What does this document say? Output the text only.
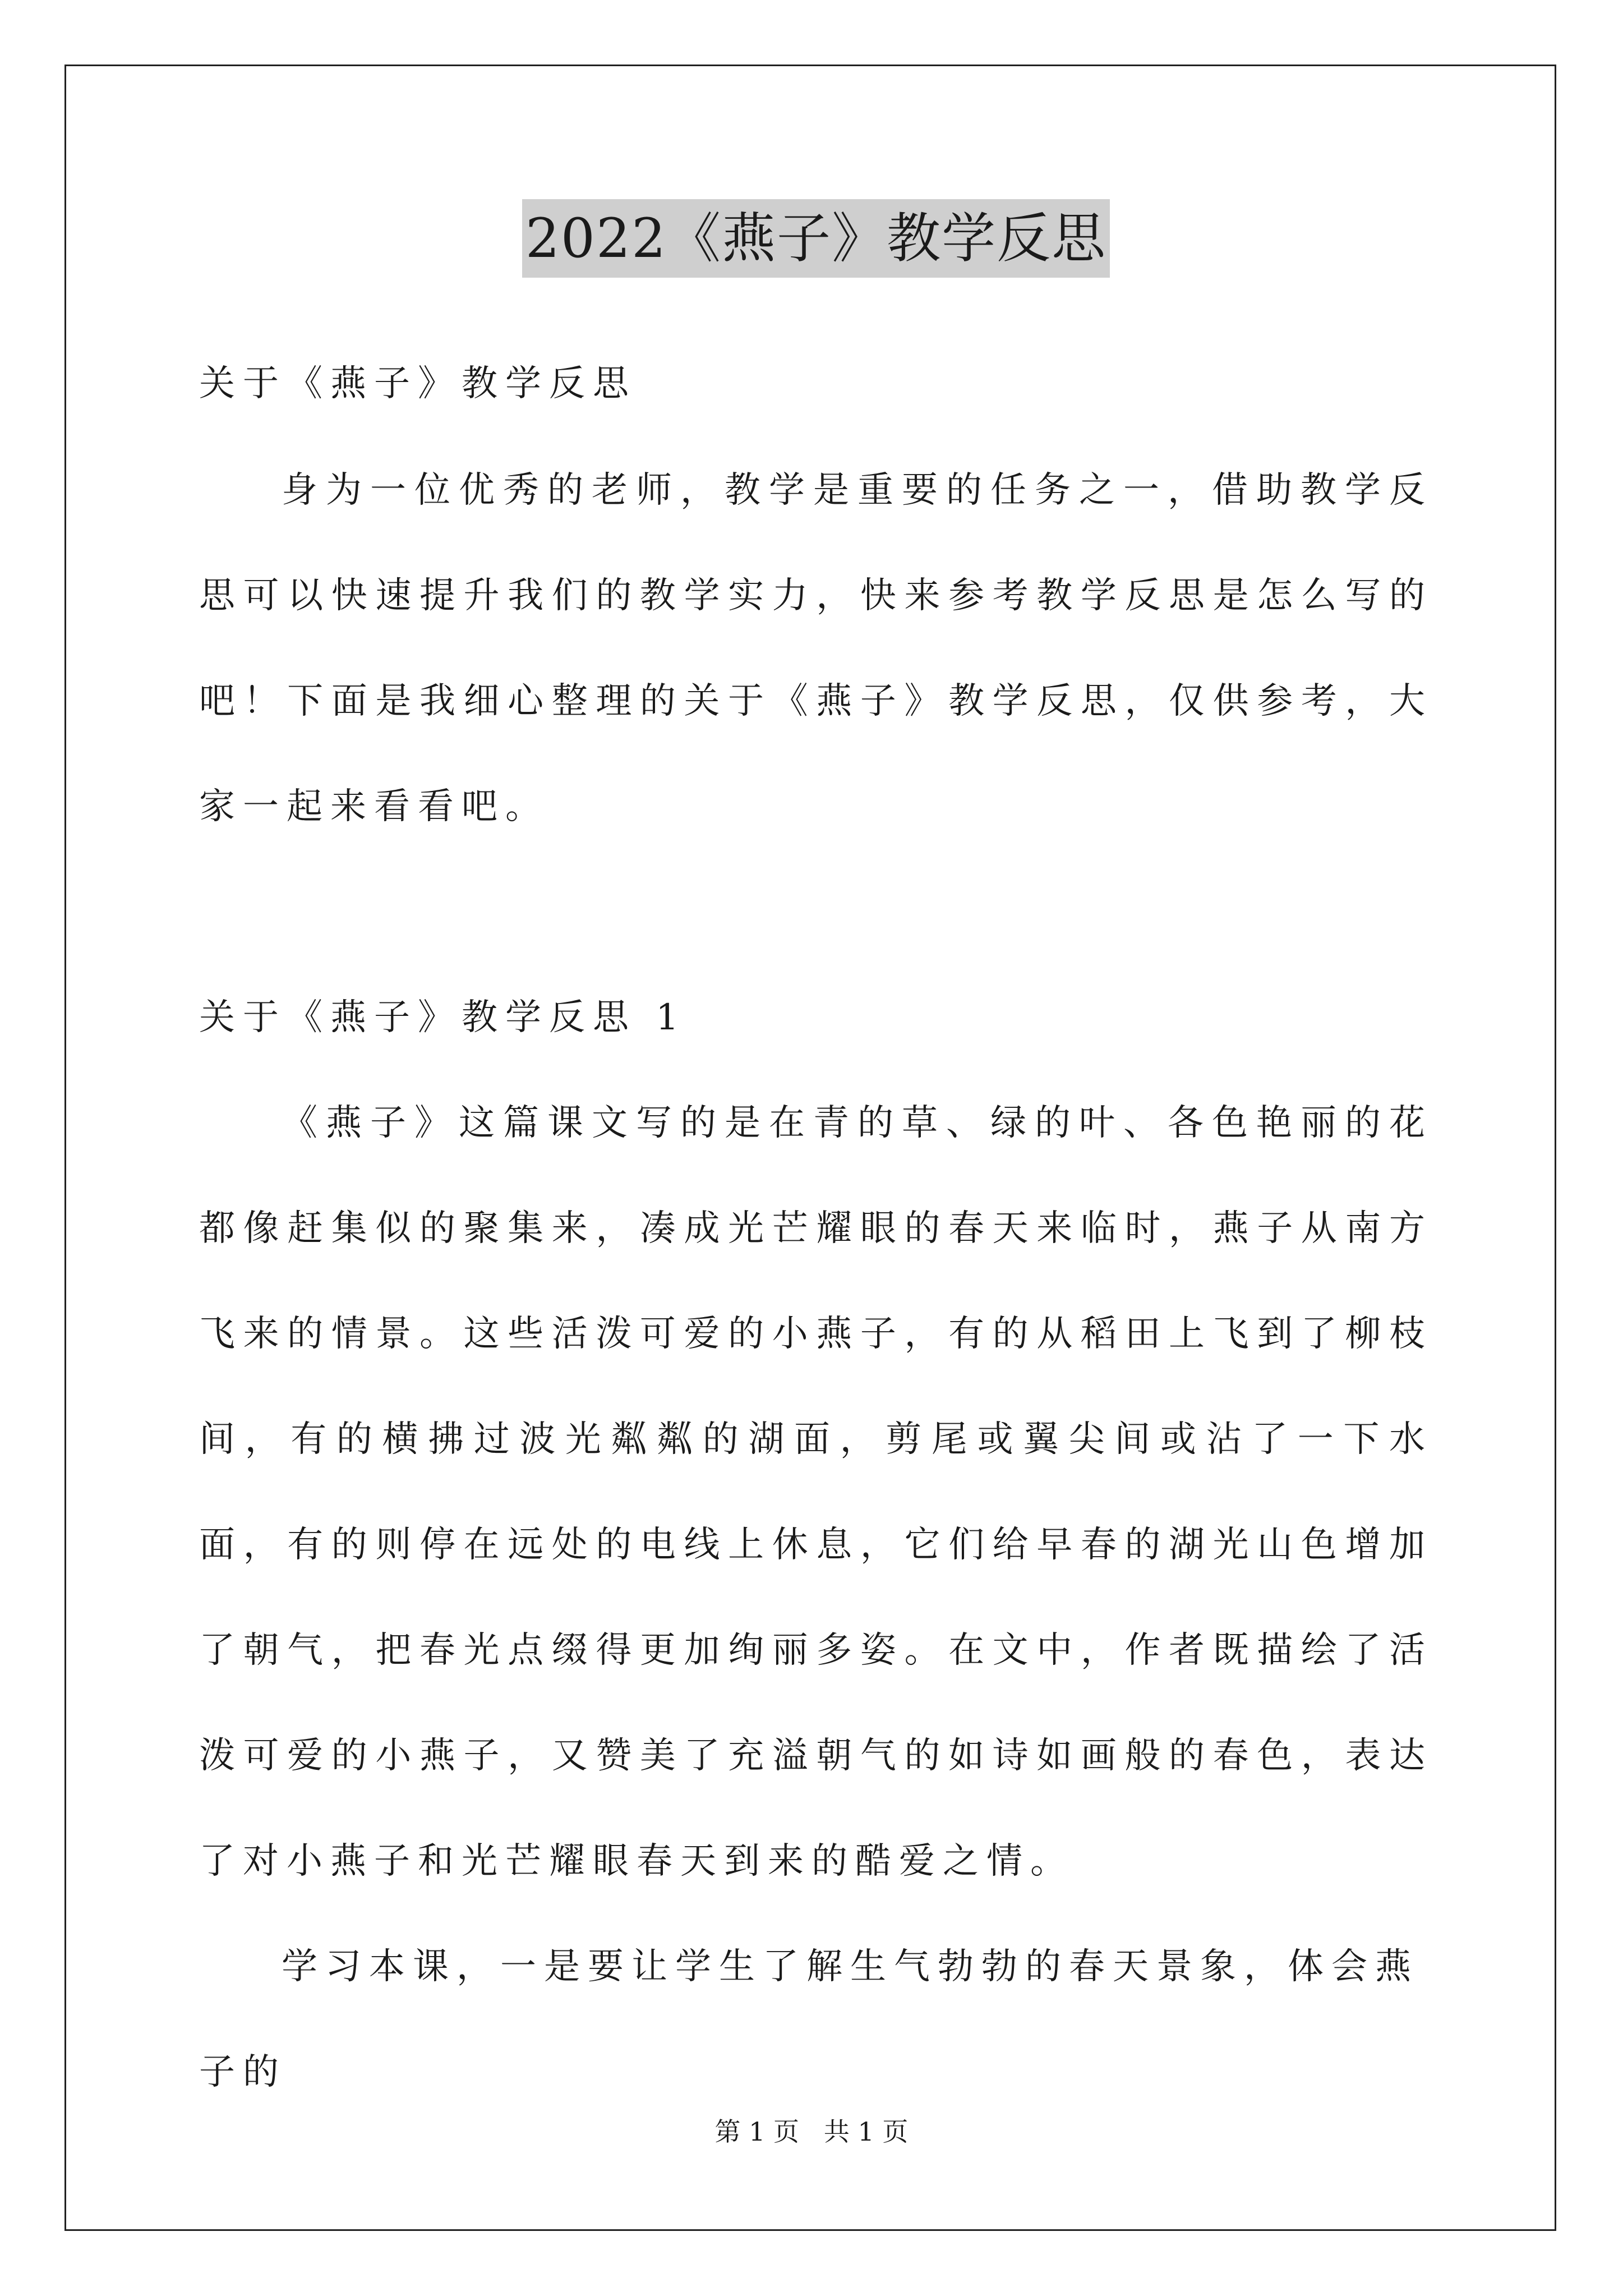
2022《燕子》教学反思

关于《燕子》教学反思

身为一位优秀的老师，教学是重要的任务之一，借助教学反思可以快速提升我们的教学实力，快来参考教学反思是怎么写的吧！下面是我细心整理的关于《燕子》教学反思，仅供参考，大家一起来看看吧。

关于《燕子》教学反思 1

《燕子》这篇课文写的是在青的草、绿的叶、各色艳丽的花都像赶集似的聚集来，凑成光芒耀眼的春天来临时，燕子从南方飞来的情景。这些活泼可爱的小燕子，有的从稻田上飞到了柳枝间，有的横拂过波光粼粼的湖面，剪尾或翼尖间或沾了一下水面，有的则停在远处的电线上休息，它们给早春的湖光山色增加了朝气，把春光点缀得更加绚丽多姿。在文中，作者既描绘了活泼可爱的小燕子，又赞美了充溢朝气的如诗如画般的春色，表达了对小燕子和光芒耀眼春天到来的酷爱之情。

学习本课，一是要让学生了解生气勃勃的春天景象，体会燕子的

第 1 页   共 1 页
